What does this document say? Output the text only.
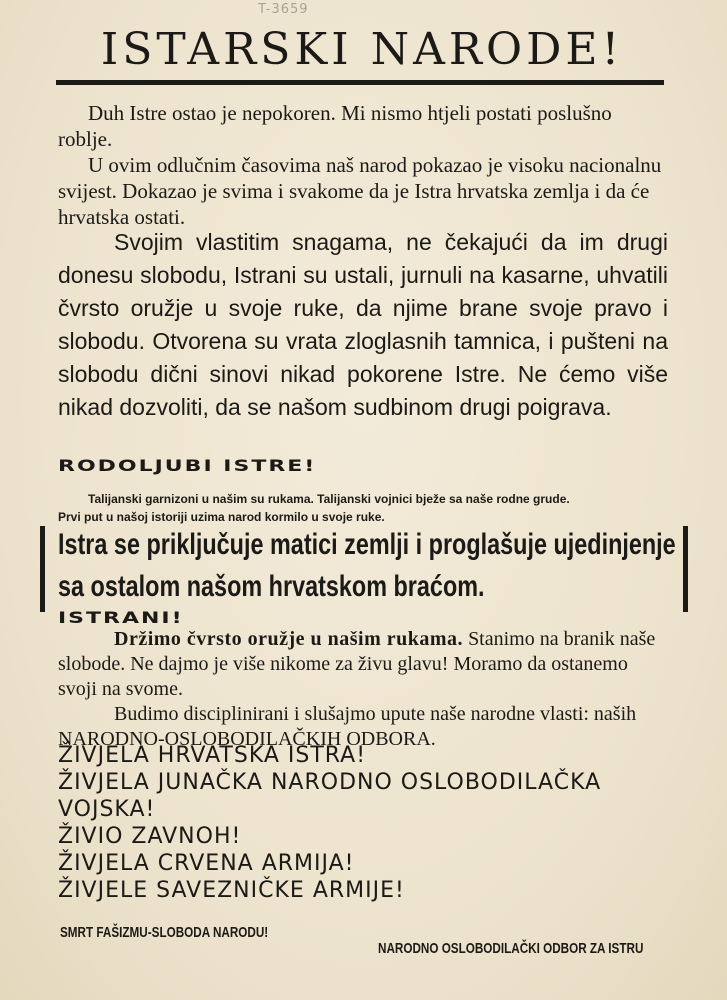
T-3659
ISTARSKI NARODE!

Duh Istre ostao je nepokoren. Mi nismo htjeli postati poslušno roblje.

U ovim odlučnim časovima naš narod pokazao je visoku nacionalnu svijest. Dokazao je svima i svakome da je Istra hrvatska zemlja i da će hrvatska ostati.

Svojim vlastitim snagama, ne čekajući da im drugi donesu slobodu, Istrani su ustali, jurnuli na kasarne, uhvatili čvrsto oružje u svoje ruke, da njime brane svoje pravo i slobodu. Otvorena su vrata zloglasnih tamnica, i pušteni na slobodu dični sinovi nikad pokorene Istre. Ne ćemo više nikad dozvoliti, da se našom sudbinom drugi poigrava.

RODOLJUBI ISTRE!

Talijanski garnizoni u našim su rukama. Talijanski vojnici bježe sa naše rodne grude.

Prvi put u našoj istoriji uzima narod kormilo u svoje ruke.

Istra se priključuje matici zemlji i proglašuje ujedinjenje

sa ostalom našom hrvatskom braćom.

ISTRANI!

Držimo čvrsto oružje u našim rukama. Stanimo na branik naše slobode. Ne dajmo je više nikome za živu glavu! Moramo da ostanemo svoji na svome.

Budimo disciplinirani i slušajmo upute naše narodne vlasti: naših NARODNO-OSLOBODILAČKIH ODBORA.

ŽIVJELA HRVATSKA ISTRA!
ŽIVJELA JUNAČKA NARODNO OSLOBODILAČKA
VOJSKA!
ŽIVIO ZAVNOH!
ŽIVJELA CRVENA ARMIJA!
ŽIVJELE SAVEZNIČKE ARMIJE!
SMRT FAŠIZMU-SLOBODA NARODU!
NARODNO OSLOBODILAČKI ODBOR ZA ISTRU
